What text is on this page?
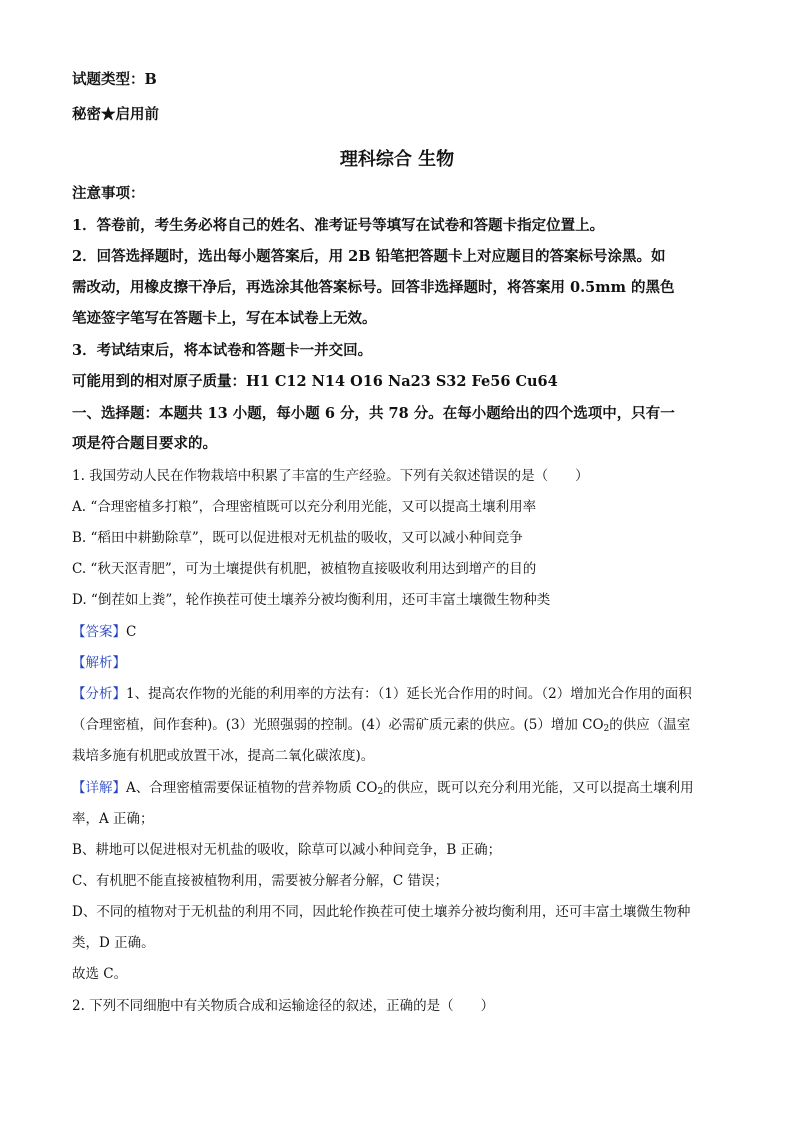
试题类型：B
秘密★启用前
理科综合 生物
注意事项：
1．答卷前，考生务必将自己的姓名、准考证号等填写在试卷和答题卡指定位置上。
2．回答选择题时，选出每小题答案后，用 2B 铅笔把答题卡上对应题目的答案标号涂黑。如
需改动，用橡皮擦干净后，再选涂其他答案标号。回答非选择题时，将答案用 0.5mm 的黑色
笔迹签字笔写在答题卡上，写在本试卷上无效。
3．考试结束后，将本试卷和答题卡一并交回。
可能用到的相对原子质量：H1 C12 N14 O16 Na23 S32 Fe56 Cu64
一、选择题：本题共 13 小题，每小题 6 分，共 78 分。在每小题给出的四个选项中，只有一
项是符合题目要求的。
1. 我国劳动人民在作物栽培中积累了丰富的生产经验。下列有关叙述错误的是（　　）
A. “合理密植多打粮”，合理密植既可以充分利用光能，又可以提高土壤利用率
B. “稻田中耕勤除草”，既可以促进根对无机盐的吸收，又可以减小种间竞争
C. “秋天沤青肥”，可为土壤提供有机肥，被植物直接吸收利用达到增产的目的
D. “倒茬如上粪”，轮作换茬可使土壤养分被均衡利用，还可丰富土壤微生物种类
【答案】C
【解析】
【分析】1、提高农作物的光能的利用率的方法有：（1）延长光合作用的时间。（2）增加光合作用的面积
（合理密植，间作套种)。(3）光照强弱的控制。(4）必需矿质元素的供应。(5）增加 $CO_2$的供应（温室
栽培多施有机肥或放置干冰，提高二氧化碳浓度)。
【详解】A、合理密植需要保证植物的营养物质 $CO_2$的供应，既可以充分利用光能，又可以提高土壤利用
率，A 正确；
B、耕地可以促进根对无机盐的吸收，除草可以减小种间竞争，B 正确；
C、有机肥不能直接被植物利用，需要被分解者分解，C 错误；
D、不同的植物对于无机盐的利用不同，因此轮作换茬可使土壤养分被均衡利用，还可丰富土壤微生物种
类，D 正确。
故选 C。
2. 下列不同细胞中有关物质合成和运输途径的叙述，正确的是（　　）
